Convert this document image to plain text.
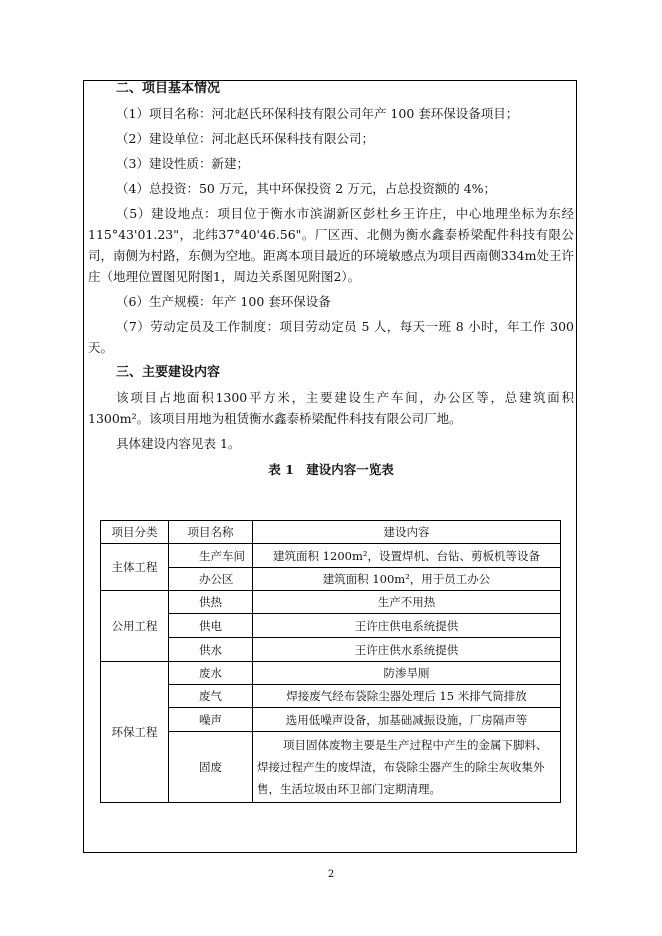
二、项目基本情况

（1）项目名称：河北赵氏环保科技有限公司年产 100 套环保设备项目；

（2）建设单位：河北赵氏环保科技有限公司；

（3）建设性质：新建；

（4）总投资：50 万元，其中环保投资 2 万元，占总投资额的 4%；

（5）建设地点：项目位于衡水市滨湖新区彭杜乡王许庄，中心地理坐标为东经115°43'01.23"，北纬37°40'46.56"。厂区西、北侧为衡水鑫泰桥梁配件科技有限公司，南侧为村路，东侧为空地。距离本项目最近的环境敏感点为项目西南侧334m处王许庄（地理位置图见附图1，周边关系图见附图2）。

（6）生产规模：年产 100 套环保设备

（7）劳动定员及工作制度：项目劳动定员 5 人，每天一班 8 小时，年工作 300 天。

三、主要建设内容

该项目占地面积1300平方米，主要建设生产车间，办公区等，总建筑面积1300m²。该项目用地为租赁衡水鑫泰桥梁配件科技有限公司厂地。

具体建设内容见表 1。

表 1　建设内容一览表
项目分类	项目名称	建设内容
主体工程	生产车间	建筑面积 1200m²，设置焊机、台钻、剪板机等设备
	办公区	建筑面积 100m²，用于员工办公
公用工程	供热	生产不用热
	供电	王许庄供电系统提供
	供水	王许庄供水系统提供
环保工程	废水	防渗旱厕
	废气	焊接废气经布袋除尘器处理后 15 米排气筒排放
	噪声	选用低噪声设备，加基础减振设施，厂房隔声等
	固废	项目固体废物主要是生产过程中产生的金属下脚料、焊接过程产生的废焊渣，布袋除尘器产生的除尘灰收集外售，生活垃圾由环卫部门定期清理。
2
